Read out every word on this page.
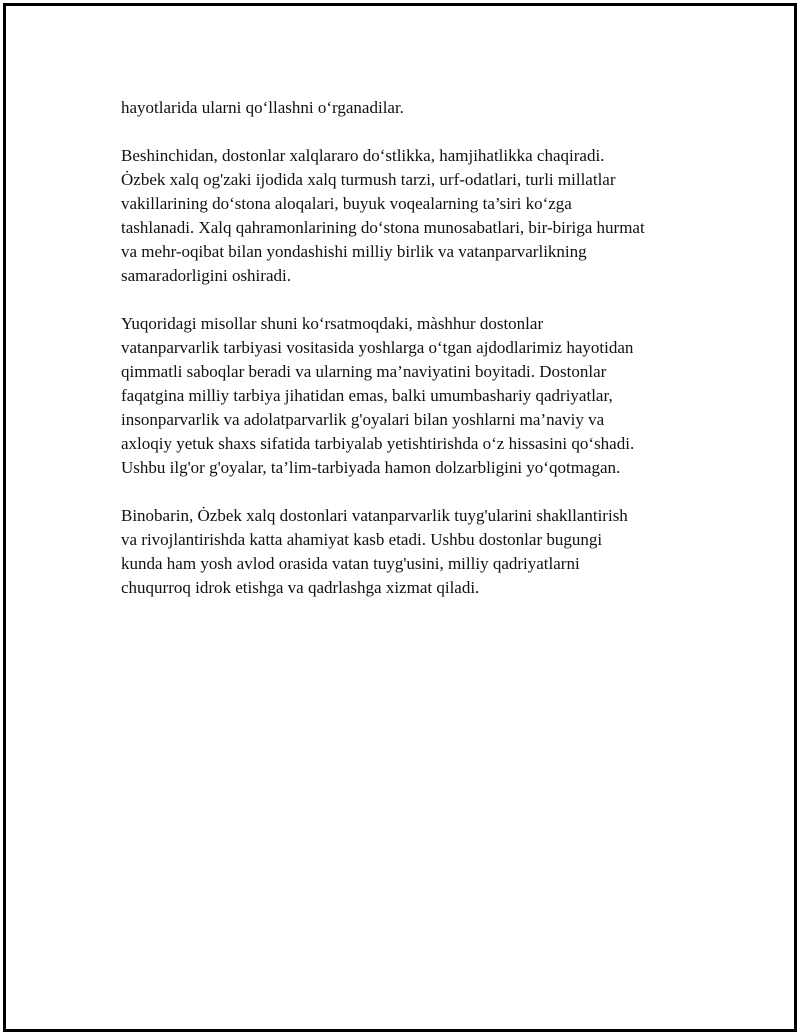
hayotlarida ularni qo‘llashni o‘rganadilar.

Beshinchidan, dostonlar xalqlararo do‘stlikka, hamjihatlikka chaqiradi.
Ȯzbek xalq og'zaki ijodida xalq turmush tarzi, urf-odatlari, turli millatlar
vakillarining do‘stona aloqalari, buyuk voqealarning ta’siri ko‘zga
tashlanadi. Xalq qahramonlarining do‘stona munosabatlari, bir-biriga hurmat
va mehr-oqibat bilan yondashishi milliy birlik va vatanparvarlikning
samaradorligini oshiradi.

Yuqoridagi misollar shuni ko‘rsatmoqdaki, màshhur dostonlar
vatanparvarlik tarbiyasi vositasida yoshlarga o‘tgan ajdodlarimiz hayotidan
qimmatli saboqlar beradi va ularning ma’naviyatini boyitadi. Dostonlar
faqatgina milliy tarbiya jihatidan emas, balki umumbashariy qadriyatlar,
insonparvarlik va adolatparvarlik g'oyalari bilan yoshlarni ma’naviy va
axloqiy yetuk shaxs sifatida tarbiyalab yetishtirishda o‘z hissasini qo‘shadi.
Ushbu ilg'or g'oyalar, ta’lim-tarbiyada hamon dolzarbligini yo‘qotmagan.

Binobarin, Ȯzbek xalq dostonlari vatanparvarlik tuyg'ularini shakllantirish
va rivojlantirishda katta ahamiyat kasb etadi. Ushbu dostonlar bugungi
kunda ham yosh avlod orasida vatan tuyg'usini, milliy qadriyatlarni
chuqurroq idrok etishga va qadrlashga xizmat qiladi.
